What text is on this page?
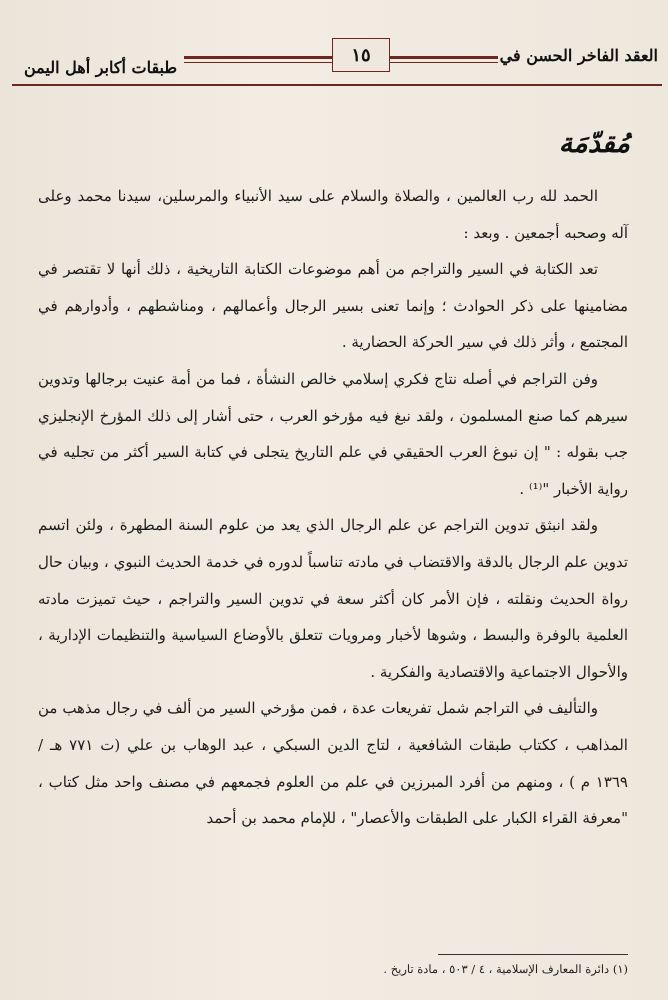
العقد الفاخر الحسن في
١٥
طبقات أكابر أهل اليمن
مُقدّمَة

الحمد لله رب العالمين ، والصلاة والسلام على سيد الأنبياء والمرسلين، سيدنا محمد وعلى آله وصحبه أجمعين . وبعد :

تعد الكتابة في السير والتراجم من أهم موضوعات الكتابة التاريخية ، ذلك أنها لا تقتصر في مضامينها على ذكر الحوادث ؛ وإنما تعنى بسير الرجال وأعمالهم ، ومناشطهم ، وأدوارهم في المجتمع ، وأثر ذلك في سير الحركة الحضارية .

وفن التراجم في أصله نتاج فكري إسلامي خالص النشأة ، فما من أمة عنيت برجالها وتدوين سيرهم كما صنع المسلمون ، ولقد نبغ فيه مؤرخو العرب ، حتى أشار إلى ذلك المؤرخ الإنجليزي جب بقوله : " إن نبوغ العرب الحقيقي في علم التاريخ يتجلى في كتابة السير أكثر من تجليه في رواية الأخبار "⁽¹⁾ .

ولقد انبثق تدوين التراجم عن علم الرجال الذي يعد من علوم السنة المطهرة ، ولئن اتسم تدوين علم الرجال بالدقة والاقتضاب في مادته تناسباً لدوره في خدمة الحديث النبوي ، وبيان حال رواة الحديث ونقلته ، فإن الأمر كان أكثر سعة في تدوين السير والتراجم ، حيث تميزت مادته العلمية بالوفرة والبسط ، وشوها لأخبار ومرويات تتعلق بالأوضاع السياسية والتنظيمات الإدارية ، والأحوال الاجتماعية والاقتصادية والفكرية .

والتأليف في التراجم شمل تفريعات عدة ، فمن مؤرخي السير من ألف في رجال مذهب من المذاهب ، ككتاب طبقات الشافعية ، لتاج الدين السبكي ، عبد الوهاب بن علي (ت ٧٧١ هـ / ١٣٦٩ م ) ، ومنهم من أفرد المبرزين في علم من العلوم فجمعهم في مصنف واحد مثل كتاب ، "معرفة القراء الكبار على الطبقات والأعصار" ، للإمام محمد بن أحمد

(١) دائرة المعارف الإسلامية ، ٤ / ٥٠٣ ، مادة تاريخ .
